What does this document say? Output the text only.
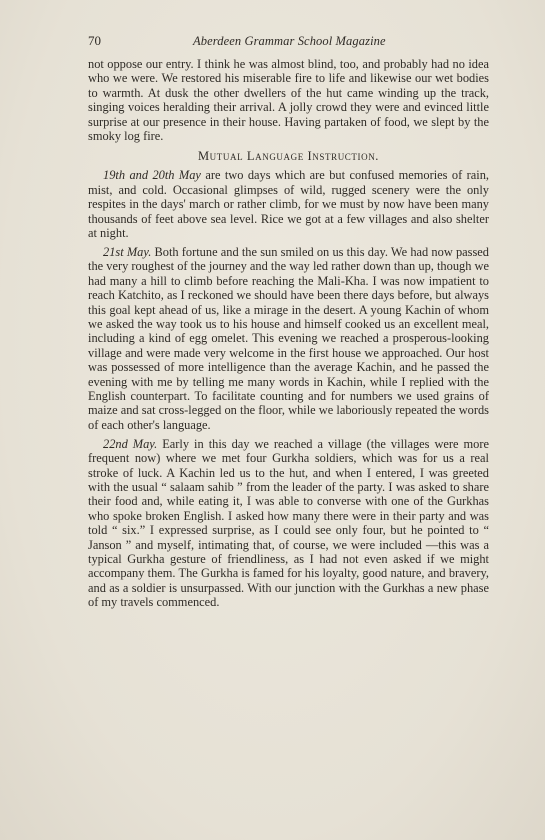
70	Aberdeen Grammar School Magazine

not oppose our entry. I think he was almost blind, too, and probably had no idea who we were. We restored his miserable fire to life and likewise our wet bodies to warmth. At dusk the other dwellers of the hut came winding up the track, singing voices heralding their arrival. A jolly crowd they were and evinced little surprise at our presence in their house. Having partaken of food, we slept by the smoky log fire.

Mutual Language Instruction.

19th and 20th May are two days which are but confused memories of rain, mist, and cold. Occasional glimpses of wild, rugged scenery were the only respites in the days' march or rather climb, for we must by now have been many thousands of feet above sea level. Rice we got at a few villages and also shelter at night.

21st May. Both fortune and the sun smiled on us this day. We had now passed the very roughest of the journey and the way led rather down than up, though we had many a hill to climb before reaching the Mali-Kha. I was now impatient to reach Katchito, as I reckoned we should have been there days before, but always this goal kept ahead of us, like a mirage in the desert. A young Kachin of whom we asked the way took us to his house and himself cooked us an excellent meal, including a kind of egg omelet. This evening we reached a prosperous-looking village and were made very welcome in the first house we approached. Our host was possessed of more intelligence than the average Kachin, and he passed the evening with me by telling me many words in Kachin, while I replied with the English counterpart. To facilitate counting and for numbers we used grains of maize and sat cross-legged on the floor, while we laboriously repeated the words of each other's language.

22nd May. Early in this day we reached a village (the villages were more frequent now) where we met four Gurkha soldiers, which was for us a real stroke of luck. A Kachin led us to the hut, and when I entered, I was greeted with the usual “ salaam sahib ” from the leader of the party. I was asked to share their food and, while eating it, I was able to converse with one of the Gurkhas who spoke broken English. I asked how many there were in their party and was told “ six.” I expressed surprise, as I could see only four, but he pointed to “ Janson ” and myself, intimating that, of course, we were included —this was a typical Gurkha gesture of friendliness, as I had not even asked if we might accompany them. The Gurkha is famed for his loyalty, good nature, and bravery, and as a soldier is unsurpassed. With our junction with the Gurkhas a new phase of my travels commenced.
